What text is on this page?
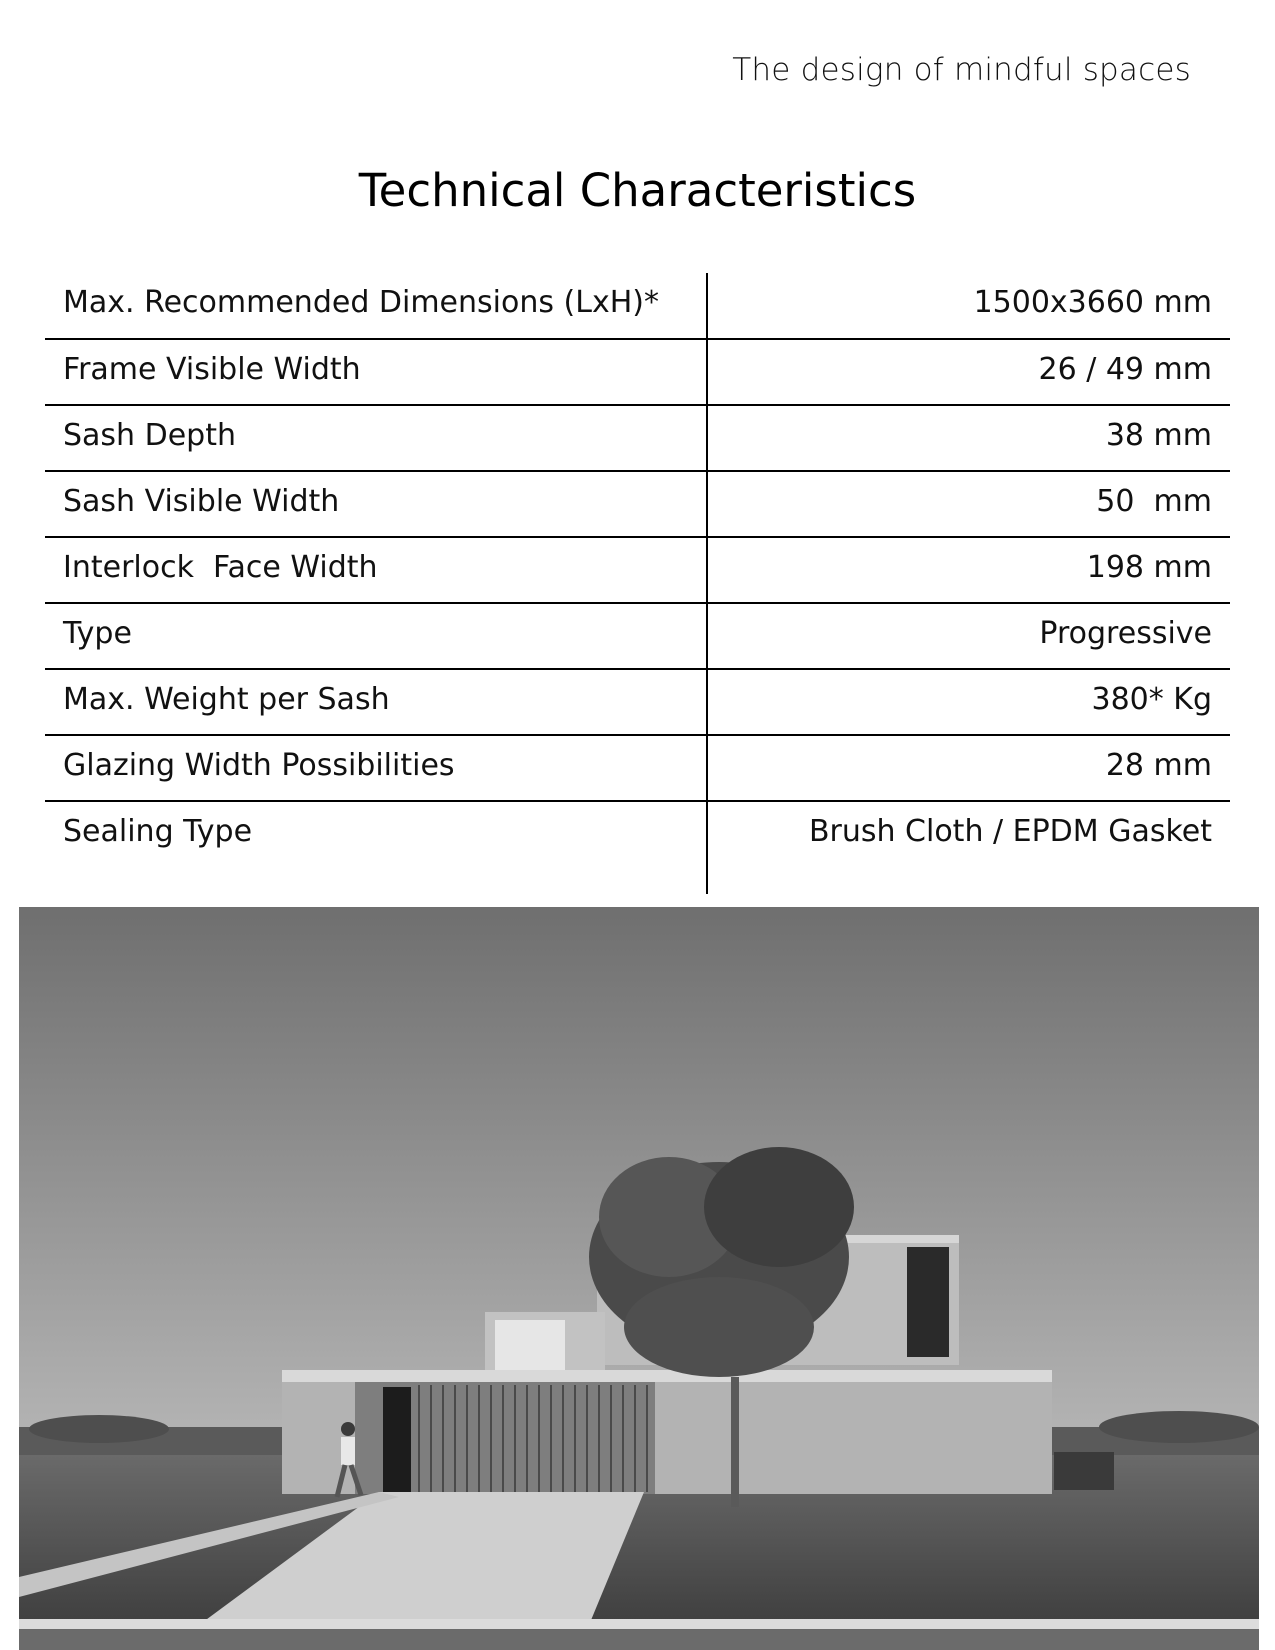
The design of mindful spaces
Technical Characteristics
Max. Recommended Dimensions (LxH)*	1500x3660 mm
Frame Visible Width	26 / 49 mm
Sash Depth	38 mm
Sash Visible Width	50  mm
Interlock  Face Width	198 mm
Type	Progressive
Max. Weight per Sash	380* Kg
Glazing Width Possibilities	28 mm
Sealing Type	Brush Cloth / EPDM Gasket
